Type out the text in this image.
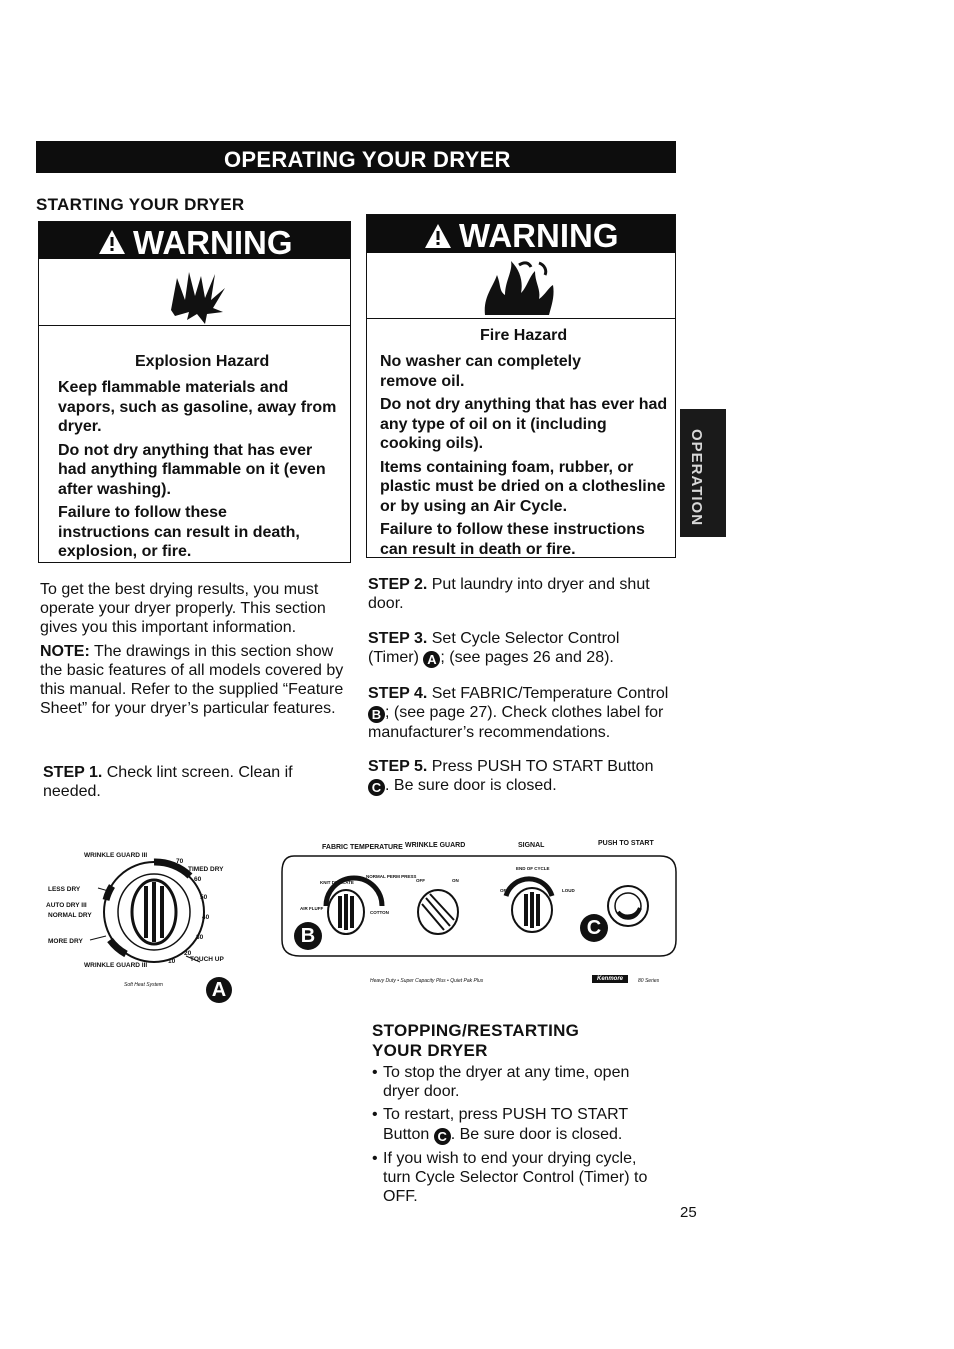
OPERATING YOUR DRYER
STARTING YOUR DRYER
WARNING
Explosion Hazard

Keep flammable materials and vapors, such as gasoline, away from dryer.

Do not dry anything that has ever had anything flammable on it (even after washing).

Failure to follow these instructions can result in death, explosion, or fire.

WARNING
Fire Hazard

No washer can completely remove oil.

Do not dry anything that has ever had any type of oil on it (including cooking oils).

Items containing foam, rubber, or plastic must be dried on a clothesline or by using an Air Cycle.

Failure to follow these instructions can result in death or fire.

OPERATION

To get the best drying results, you must operate your dryer properly. This section gives you this important information.

NOTE: The drawings in this section show the basic features of all models covered by this manual. Refer to the supplied “Feature Sheet” for your dryer’s particular features.

STEP 1. Check lint screen. Clean if needed.
STEP 2. Put laundry into dryer and shut door.
STEP 3. Set Cycle Selector Control (Timer) A ; (see pages 26 and 28).
STEP 4. Set FABRIC/Temperature Control B ; (see page 27). Check clothes label for manufacturer’s recommendations.
STEP 5. Press PUSH TO START Button C . Be sure door is closed.
WRINKLE GUARD III
TIMED DRY
LESS DRY
AUTO DRY III
NORMAL DRY
MORE DRY
WRINKLE GUARD III
TOUCH UP
Soft Heat System
70
60
50
40
30
20
10
A
FABRIC TEMPERATURE WRINKLE GUARD	SIGNAL	PUSH TO START
KNIT DELICATE
NORMAL PERM PRESS
AIR FLUFF
COTTON
OFF	ON
END OF CYCLE
OFF	LOUD
B	C
Heavy Duty • Super Capacity Plus • Quiet Pak Plus	Kenmore	80 Series
STOPPING/RESTARTING
YOUR DRYER
• To stop the dryer at any time, open dryer door.
• To restart, press PUSH TO START Button C . Be sure door is closed.
• If you wish to end your drying cycle, turn Cycle Selector Control (Timer) to OFF.
25
